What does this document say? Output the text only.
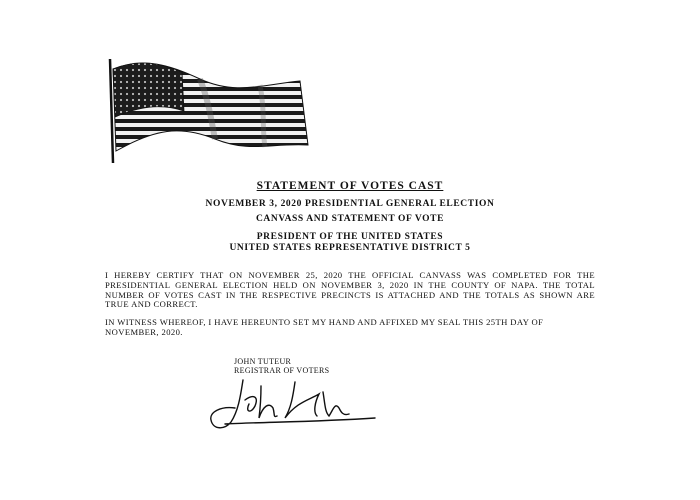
STATEMENT OF VOTES CAST
NOVEMBER 3, 2020 PRESIDENTIAL GENERAL ELECTION
CANVASS AND STATEMENT OF VOTE
PRESIDENT OF THE UNITED STATES
UNITED STATES REPRESENTATIVE DISTRICT 5
I HEREBY CERTIFY THAT ON NOVEMBER 25, 2020 THE OFFICIAL CANVASS WAS COMPLETED FOR THE PRESIDENTIAL GENERAL ELECTION HELD ON NOVEMBER 3, 2020 IN THE COUNTY OF NAPA. THE TOTAL NUMBER OF VOTES CAST IN THE RESPECTIVE PRECINCTS IS ATTACHED AND THE TOTALS AS SHOWN ARE TRUE AND CORRECT.
IN WITNESS WHEREOF, I HAVE HEREUNTO SET MY HAND AND AFFIXED MY SEAL THIS 25TH DAY OF NOVEMBER, 2020.
JOHN TUTEUR
REGISTRAR OF VOTERS
